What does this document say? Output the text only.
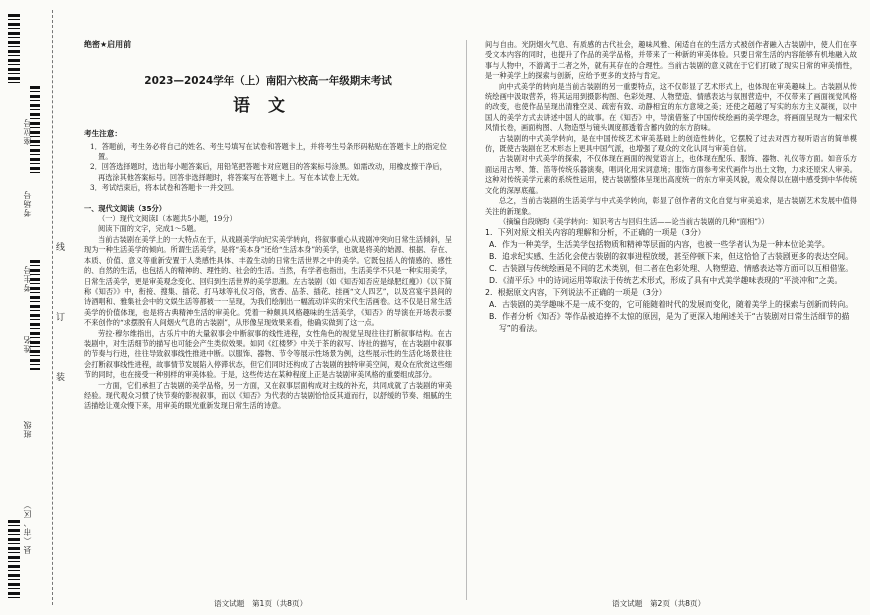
座位号
考场号
考生号
姓名
班级
县（市、区）
线
订
装
绝密★启用前
2023—2024学年（上）南阳六校高一年级期末考试
语文
考生注意：
1．答题前，考生务必将自己的姓名、考生号填写在试卷和答题卡上，并将考生号条形码粘贴在答题卡上的指定位置。
2．回答选择题时，选出每小题答案后，用铅笔把答题卡对应题目的答案标号涂黑。如需改动，用橡皮擦干净后，再选涂其他答案标号。回答非选择题时，将答案写在答题卡上。写在本试卷上无效。
3．考试结束后，将本试卷和答题卡一并交回。
一、现代文阅读（35分）
（一）现代文阅读Ⅰ（本题共5小题，19分）
阅读下面的文字，完成1～5题。
当前古装剧在美学上的一大特点在于，从戏剧美学向纪实美学转向，将叙事重心从戏剧冲突向日常生活倾斜，呈现为一种生活美学的倾向。所谓生活美学，是将“美本身”还给“生活本身”的美学，也就是将美的始源、根据、存在、本质、价值、意义等重新安置于人类感性具体、丰盈生动的日常生活世界之中的美学。它既包括人的情感的、感性的、自然的生活，也包括人的精神的、理性的、社会的生活。当然，有学者也指出，生活美学不只是一种实用美学，日常生活美学，更是审美观念变化、回归到生活世界的美学思潮。左古装剧（如《知否知否应是绿肥红瘦》）《以下简称《知否》》中，衔接、搜集、插花、打马球等礼仪习俗，赏香、品茶、插花、挂画“文人四艺”，以及宫宴宇县间的诗酒唱和、雅集社会中的文娱生活等都被一一呈现，为我们绘制出一幅流动详实的宋代生活画卷。这不仅是日常生活美学的价值体现，也是将古典精神生活的审美化。凭着一种颇具风格趣味的生活美学，《知否》的导演在开场表示要不来创作的“求摆脱有人间烟火气息的古装剧”，从形像呈现效果来看，他确实做到了这一点。
劳拉·穆尔维指出，古乐片中的大量叙事会中断叙事的线性进程，女性角色的视觉呈现往往打断叙事结构。在古装剧中，对生活细节的描写也可能会产生类似效果。如同《红楼梦》中关于茶的叙写、诗社的描写，在古装剧中叙事的节奏与行进，往往导致叙事线性推进中断。以服饰、器物、节令等展示性场景为例，这些展示性的生活化场景往往会打断叙事线性进程，故事情节发展陷入停滞状态，但它们同时还构成了古装剧的独特审美空间，观众在欣赏这些细节的同时，也在接受一种别样的审美体验。于是，这些传达在某种程度上正是古装剧审美风格的重要组成部分。
一方面，它们承担了古装剧的美学品格，另一方面，又在叙事层面构成对主线的补充，共同成就了古装剧的审美经验。现代观众习惯了快节奏的影视叙事，而以《知否》为代表的古装剧恰恰反其道而行，以舒缓的节奏、细腻的生活描绘让观众慢下来，用审美的眼光重新发现日常生活的诗意。
间与自由。光阴烟火气息、有质感的古代社会，趣味风雅、闲适自在的生活方式被创作者融入古装剧中，使人们在享受文本内容的同时，也提升了作品的美学品格，并带来了一种新的审美体验。只要日常生活的内容能够有机地融入故事与人物中，不游离于二者之外，就有其存在的合理性。当前古装剧的意义就在于它们打破了现实日常的审美惰性，是一种美学上的探索与创新，应给予更多的支持与肯定。
向中式美学的转向是当前古装剧的另一重要特点，这不仅彰显了艺术形式上，也体现在审美趣味上。古装剧从传统绘画中汲取营养，将其运用到摄影构图、色彩处理、人物塑造、情感表达与氛围营造中，不仅带来了画面视觉风格的改变，也使作品呈现出清雅空灵、疏密有致、动静相宜的东方意境之美；还使之超越了写实的东方主义凝视，以中国人的美学方式去讲述中国人的故事。在《知否》中，导演借鉴了中国传统绘画的美学理念，将画面呈现为一幅宋代风情长卷，画面构图、人物造型与镜头调度都透着含蓄内敛的东方韵味。
古装剧的中式美学转向，是在中国传统艺术审美基础上的创造性转化，它摆脱了过去对西方视听语言的简单模仿，既使古装剧在艺术形态上更具中国气派，也增强了观众的文化认同与审美自信。
古装剧对中式美学的探索，不仅体现在画面的视觉语言上，也体现在配乐、服饰、器物、礼仪等方面。如音乐方面运用古琴、箫、笛等传统乐器演奏，唱词化用宋词意境；服饰方面参考宋代画作与出土文物，力求还原宋人审美。这种对传统美学元素的系统性运用，使古装剧整体呈现出高度统一的东方审美风貌，观众得以在剧中感受到中华传统文化的深厚底蕴。
总之，当前古装剧的生活美学与中式美学转向，彰显了创作者的文化自觉与审美追求，是古装剧艺术发展中值得关注的新现象。
（摘编自段晓昀《美学转向：知识考古与回归生活——论当前古装剧的几种“面相”》）
1．下列对原文相关内容的理解和分析，不正确的一项是（3分）
A．作为一种美学，生活美学包括物质和精神等层面的内容，也被一些学者认为是一种本位论美学。
B．追求纪实感、生活化会使古装剧的叙事进程放缓，甚至停顿下来，但这恰恰了古装剧更多的表达空间。
C．古装剧与传统绘画是不同的艺术类别，但二者在色彩处理、人物塑造、情感表达等方面可以互相借鉴。
D．《清平乐》中的诗词运用等取法于传统艺术形式，形成了具有中式美学趣味表现的“平淡冲和”之美。
2．根据原文内容，下列说法不正确的一项是（3分）
A．古装剧的美学趣味不是一成不变的，它可能随着时代的发展而变化，随着美学上的探索与创新而转向。
B．作者分析《知否》等作品被追捧不太惊的原因，是为了更深入地阐述关于“古装剧对日常生活细节的描写”的看法。
语文试题　第1页（共8页）	语文试题　第2页（共8页）
